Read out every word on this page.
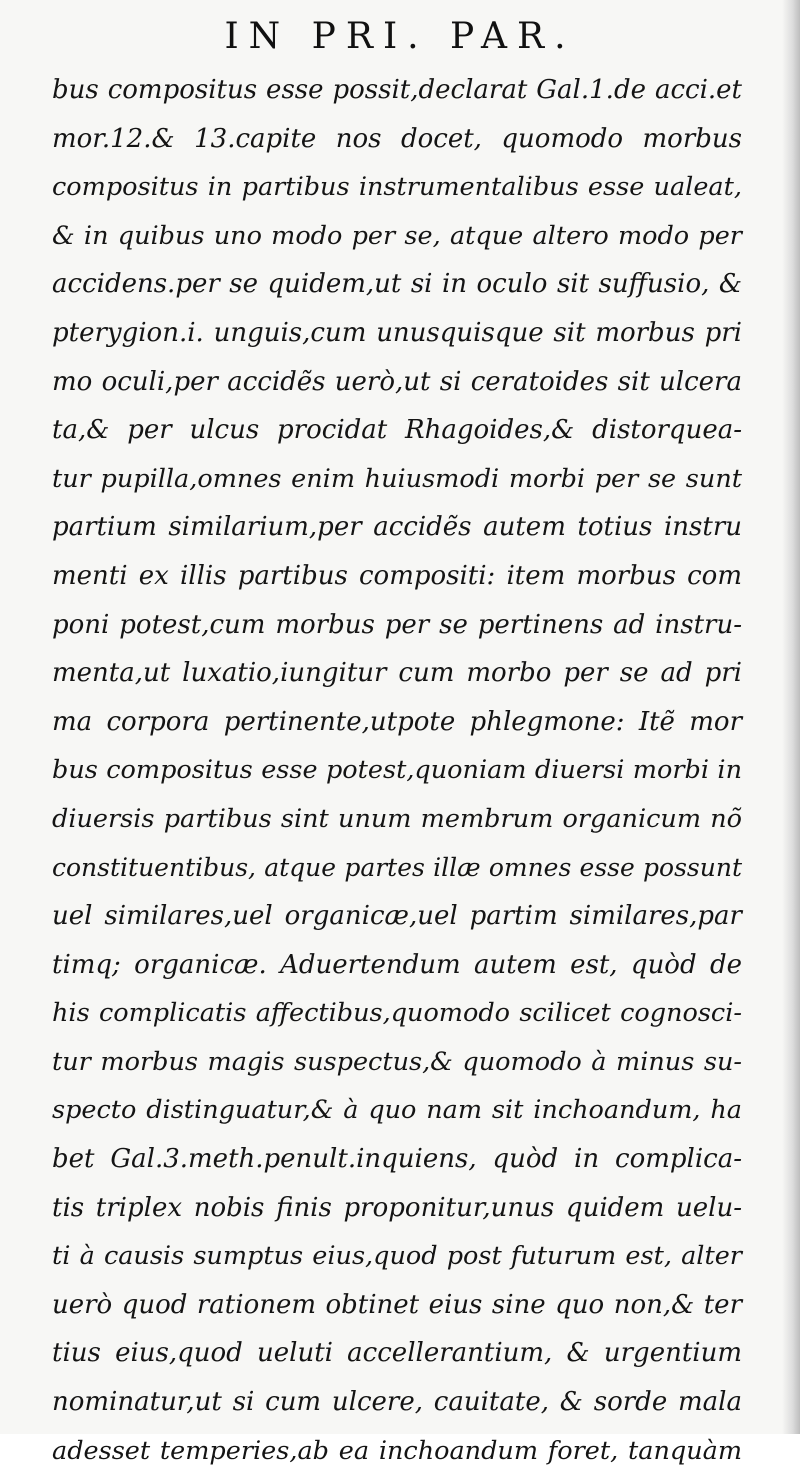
IN PRI. PAR.
bus compositus esse possit,declarat Gal.1.de acci.et
mor.12.& 13.capite nos docet, quomodo morbus
compositus in partibus instrumentalibus esse ualeat,
& in quibus uno modo per se, atque altero modo per
accidens.per se quidem,ut si in oculo sit suffusio, &
pterygion.i. unguis,cum unusquisque sit morbus pri
mo oculi,per accidẽs uerò,ut si ceratoides sit ulcera
ta,& per ulcus procidat Rhagoides,& distorquea-
tur pupilla,omnes enim huiusmodi morbi per se sunt
partium similarium,per accidẽs autem totius instru
menti ex illis partibus compositi: item morbus com
poni potest,cum morbus per se pertinens ad instru-
menta,ut luxatio,iungitur cum morbo per se ad pri
ma corpora pertinente,utpote phlegmone: Itẽ mor
bus compositus esse potest,quoniam diuersi morbi in
diuersis partibus sint unum membrum organicum nõ
constituentibus, atque partes illæ omnes esse possunt
uel similares,uel organicæ,uel partim similares,par
timq; organicæ. Aduertendum autem est, quòd de
his complicatis affectibus,quomodo scilicet cognosci-
tur morbus magis suspectus,& quomodo à minus su-
specto distinguatur,& à quo nam sit inchoandum, ha
bet Gal.3.meth.penult.inquiens, quòd in complica-
tis triplex nobis finis proponitur,unus quidem uelu-
ti à causis sumptus eius,quod post futurum est, alter
uerò quod rationem obtinet eius sine quo non,& ter
tius eius,quod ueluti accellerantium, & urgentium
nominatur,ut si cum ulcere, cauitate, & sorde mala
adesset temperies,ab ea inchoandum foret, tanquàm
